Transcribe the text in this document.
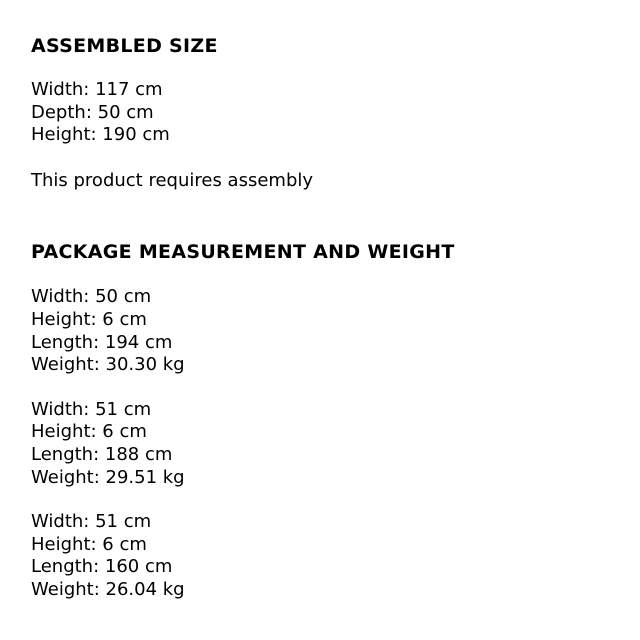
ASSEMBLED SIZE

Width: 117 cm

Depth: 50 cm

Height: 190 cm

This product requires assembly

PACKAGE MEASUREMENT AND WEIGHT

Width: 50 cm

Height: 6 cm

Length: 194 cm

Weight: 30.30 kg

Width: 51 cm

Height: 6 cm

Length: 188 cm

Weight: 29.51 kg

Width: 51 cm

Height: 6 cm

Length: 160 cm

Weight: 26.04 kg
